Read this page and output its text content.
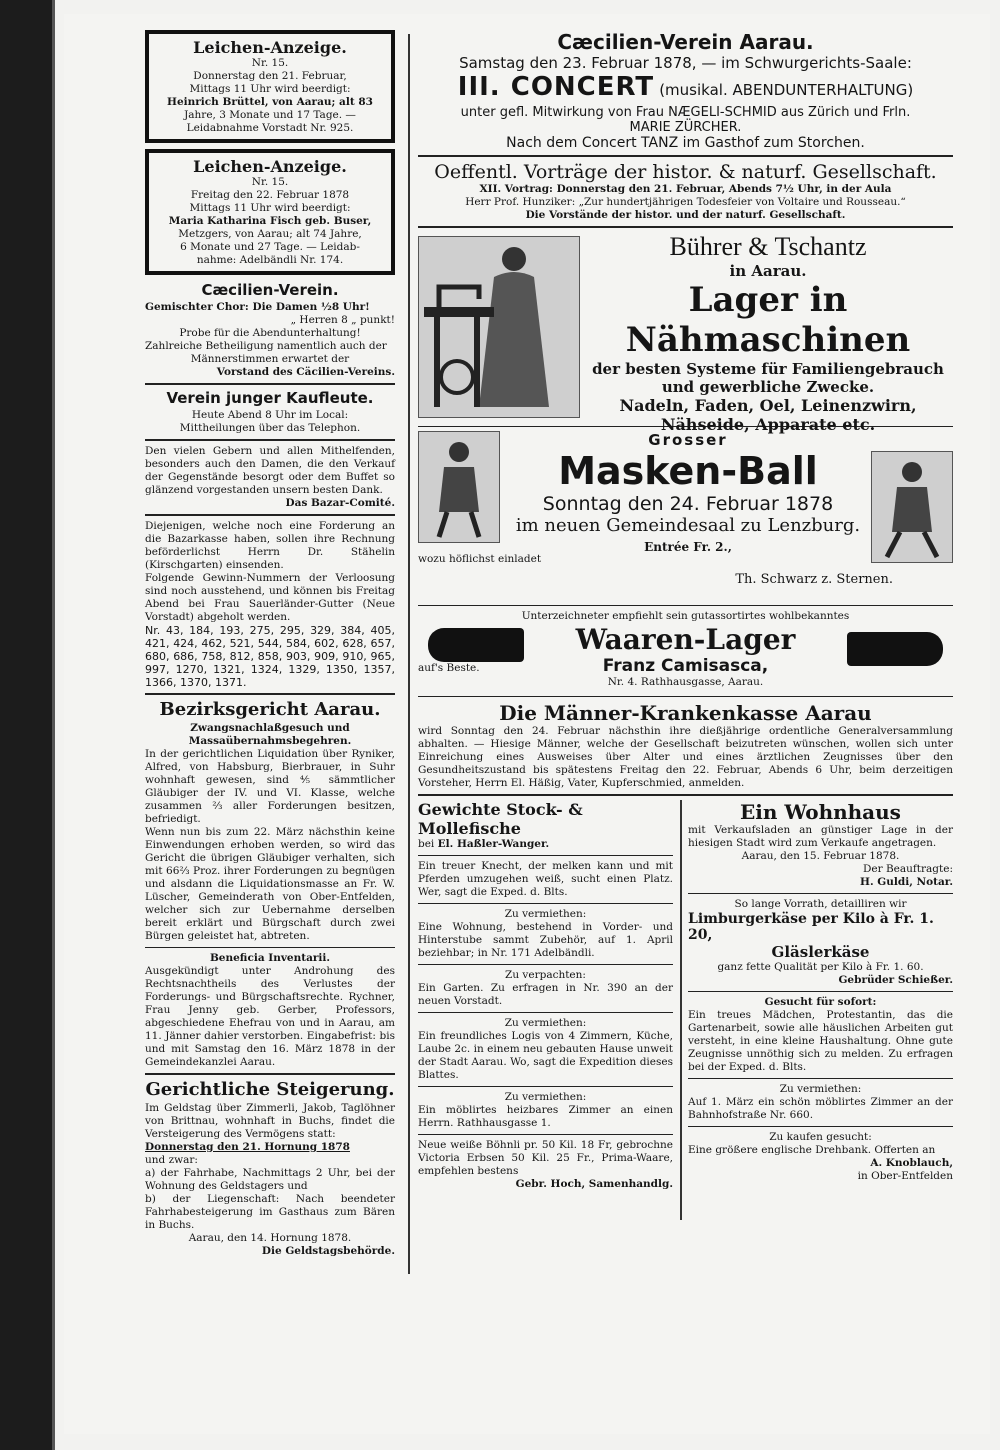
Leichen-Anzeige.
Nr. 15.
Donnerstag den 21. Februar,
Mittags 11 Uhr wird beerdigt:
Heinrich Brüttel, von Aarau; alt 83
Jahre, 3 Monate und 17 Tage. —
Leidabnahme Vorstadt Nr. 925.
Leichen-Anzeige.
Nr. 15.
Freitag den 22. Februar 1878
Mittags 11 Uhr wird beerdigt:
Maria Katharina Fisch geb. Buser,
Metzgers, von Aarau; alt 74 Jahre,
6 Monate und 27 Tage. — Leidab-
nahme: Adelbändli Nr. 174.
Cæcilien-Verein.
Gemischter Chor: Die Damen ½8 Uhr!
„ Herren 8 „ punkt!
Probe für die Abendunterhaltung!
Zahlreiche Betheiligung namentlich auch der
Männerstimmen erwartet der
Vorstand des Cäcilien-Vereins.
Verein junger Kaufleute.
Heute Abend 8 Uhr im Local:
Mittheilungen über das Telephon.

Den vielen Gebern und allen Mithelfenden, besonders auch den Damen, die den Verkauf der Gegenstände besorgt oder dem Buffet so glänzend vorgestanden unsern besten Dank.

Das Bazar-Comité.

Diejenigen, welche noch eine Forderung an die Bazarkasse haben, sollen ihre Rechnung beförderlichst Herrn Dr. Stähelin (Kirschgarten) einsenden.

Folgende Gewinn-Nummern der Verloosung sind noch ausstehend, und können bis Freitag Abend bei Frau Sauerländer-Gutter (Neue Vorstadt) abgeholt werden.

Nr. 43, 184, 193, 275, 295, 329, 384, 405, 421, 424, 462, 521, 544, 584, 602, 628, 657, 680, 686, 758, 812, 858, 903, 909, 910, 965, 997, 1270, 1321, 1324, 1329, 1350, 1357, 1366, 1370, 1371.

Bezirksgericht Aarau.
Zwangsnachlaßgesuch und Massaübernahmsbegehren.

In der gerichtlichen Liquidation über Ryniker, Alfred, von Habsburg, Bierbrauer, in Suhr wohnhaft gewesen, sind ⅘ sämmtlicher Gläubiger der IV. und VI. Klasse, welche zusammen ⅔ aller Forderungen besitzen, befriedigt.

Wenn nun bis zum 22. März nächsthin keine Einwendungen erhoben werden, so wird das Gericht die übrigen Gläubiger verhalten, sich mit 66⅔ Proz. ihrer Forderungen zu begnügen und alsdann die Liquidationsmasse an Fr. W. Lüscher, Gemeinderath von Ober-Entfelden, welcher sich zur Uebernahme derselben bereit erklärt und Bürgschaft durch zwei Bürgen geleistet hat, abtreten.

Beneficia Inventarii.

Ausgekündigt unter Androhung des Rechtsnachtheils des Verlustes der Forderungs- und Bürgschaftsrechte. Rychner, Frau Jenny geb. Gerber, Professors, abgeschiedene Ehefrau von und in Aarau, am 11. Jänner dahier verstorben. Eingabefrist: bis und mit Samstag den 16. März 1878 in der Gemeindekanzlei Aarau.

Gerichtliche Steigerung.

Im Geldstag über Zimmerli, Jakob, Taglöhner von Brittnau, wohnhaft in Buchs, findet die Versteigerung des Vermögens statt:

Donnerstag den 21. Hornung 1878
und zwar:

a) der Fahrhabe, Nachmittags 2 Uhr, bei der Wohnung des Geldstagers und

b) der Liegenschaft: Nach beendeter Fahrhabesteigerung im Gasthaus zum Bären in Buchs.

Aarau, den 14. Hornung 1878.
Die Geldstagsbehörde.
Cæcilien-Verein Aarau.
Samstag den 23. Februar 1878, — im Schwurgerichts-Saale:
III. CONCERT (musikal. ABENDUNTERHALTUNG)
unter gefl. Mitwirkung von Frau NÆGELI-SCHMID aus Zürich und Frln.
MARIE ZÜRCHER.
Nach dem Concert TANZ im Gasthof zum Storchen.
Oeffentl. Vorträge der histor. & naturf. Gesellschaft.
XII. Vortrag: Donnerstag den 21. Februar, Abends 7½ Uhr, in der Aula
Herr Prof. Hunziker: „Zur hundertjährigen Todesfeier von Voltaire und Rousseau.“
Die Vorstände der histor. und der naturf. Gesellschaft.
Bührer & Tschantz
in Aarau.
Lager in Nähmaschinen
der besten Systeme für Familiengebrauch
und gewerbliche Zwecke.
Nadeln, Faden, Oel, Leinenzwirn,
Nähseide, Apparate etc.
Grosser
Masken-Ball
Sonntag den 24. Februar 1878
im neuen Gemeindesaal zu Lenzburg.
Entrée Fr. 2.,
wozu höflichst einladet
Th. Schwarz z. Sternen.
Unterzeichneter empfiehlt sein gutassortirtes wohlbekanntes
Waaren-Lager
auf's Beste.	Franz Camisasca,
Nr. 4. Rathhausgasse, Aarau.
Die Männer-Krankenkasse Aarau

wird Sonntag den 24. Februar nächsthin ihre dießjährige ordentliche Generalversammlung abhalten. — Hiesige Männer, welche der Gesellschaft beizutreten wünschen, wollen sich unter Einreichung eines Ausweises über Alter und eines ärztlichen Zeugnisses über den Gesundheitszustand bis spätestens Freitag den 22. Februar, Abends 6 Uhr, beim derzeitigen Vorsteher, Herrn El. Häßig, Vater, Kupferschmied, anmelden.

Gewichte Stock- & Mollefische
bei El. Haßler-Wanger.

Ein treuer Knecht, der melken kann und mit Pferden umzugehen weiß, sucht einen Platz. Wer, sagt die Exped. d. Blts.

Zu vermiethen:

Eine Wohnung, bestehend in Vorder- und Hinterstube sammt Zubehör, auf 1. April beziehbar; in Nr. 171 Adelbändli.

Zu verpachten:

Ein Garten. Zu erfragen in Nr. 390 an der neuen Vorstadt.

Zu vermiethen:

Ein freundliches Logis von 4 Zimmern, Küche, Laube 2c. in einem neu gebauten Hause unweit der Stadt Aarau. Wo, sagt die Expedition dieses Blattes.

Zu vermiethen:

Ein möblirtes heizbares Zimmer an einen Herrn. Rathhausgasse 1.

Neue weiße Böhnli pr. 50 Kil. 18 Fr, gebrochne Victoria Erbsen 50 Kil. 25 Fr., Prima-Waare, empfehlen bestens

Gebr. Hoch, Samenhandlg.
Ein Wohnhaus

mit Verkaufsladen an günstiger Lage in der hiesigen Stadt wird zum Verkaufe angetragen.

Aarau, den 15. Februar 1878.
Der Beauftragte:
H. Guldi, Notar.
So lange Vorrath, detailliren wir
Limburgerkäse per Kilo à Fr. 1. 20,
Gläslerkäse
ganz fette Qualität per Kilo à Fr. 1. 60.
Gebrüder Schießer.
Gesucht für sofort:

Ein treues Mädchen, Protestantin, das die Gartenarbeit, sowie alle häuslichen Arbeiten gut versteht, in eine kleine Haushaltung. Ohne gute Zeugnisse unnöthig sich zu melden. Zu erfragen bei der Exped. d. Blts.

Zu vermiethen:

Auf 1. März ein schön möblirtes Zimmer an der Bahnhofstraße Nr. 660.

Zu kaufen gesucht:

Eine größere englische Drehbank. Offerten an

A. Knoblauch,
in Ober-Entfelden
